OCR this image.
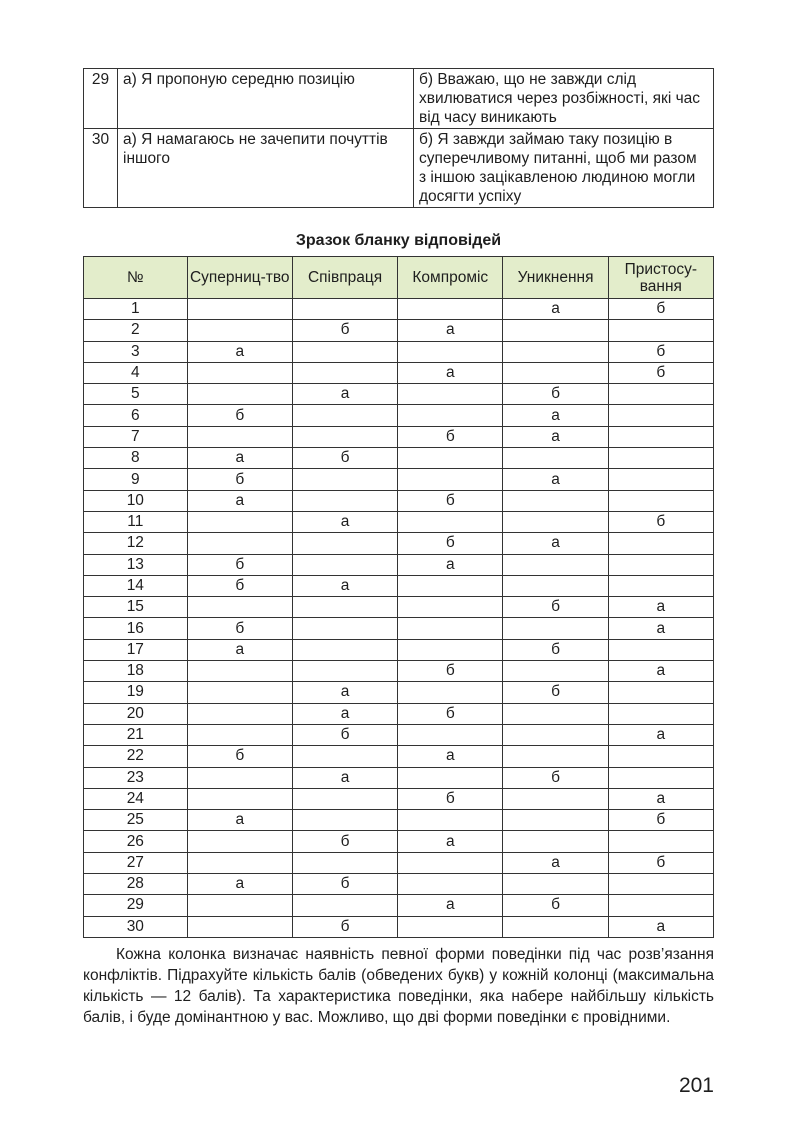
29	а) Я пропоную середню позицію	б) Вважаю, що не завжди слід хвилюватися через розбіжності, які час від часу виникають
30	а) Я намагаюсь не зачепити почуттів іншого	б) Я завжди займаю таку позицію в суперечливому питанні, щоб ми разом з іншою зацікавленою людиною могли досягти успіху
Зразок бланку відповідей
№	Суперниц-тво	Співпраця	Компроміс	Уникнення	Пристосу-вання
1				а	б
2		б	а		
3	а				б
4			а		б
5		а		б	
6	б			а	
7			б	а	
8	а	б			
9	б			а	
10	а		б		
11		а			б
12			б	а	
13	б		а		
14	б	а			
15				б	а
16	б				а
17	а			б	
18			б		а
19		а		б	
20		а	б		
21		б			а
22	б		а		
23		а		б	
24			б		а
25	а				б
26		б	а		
27				а	б
28	а	б			
29			а	б	
30		б			а

Кожна колонка визначає наявність певної форми поведінки під час розв’язання конфліктів. Підрахуйте кількість балів (обведених букв) у кожній колонці (максимальна кількість — 12 балів). Та характеристика поведінки, яка набере найбільшу кількість балів, і буде домінантною у вас. Можливо, що дві форми поведінки є провідними.

201
